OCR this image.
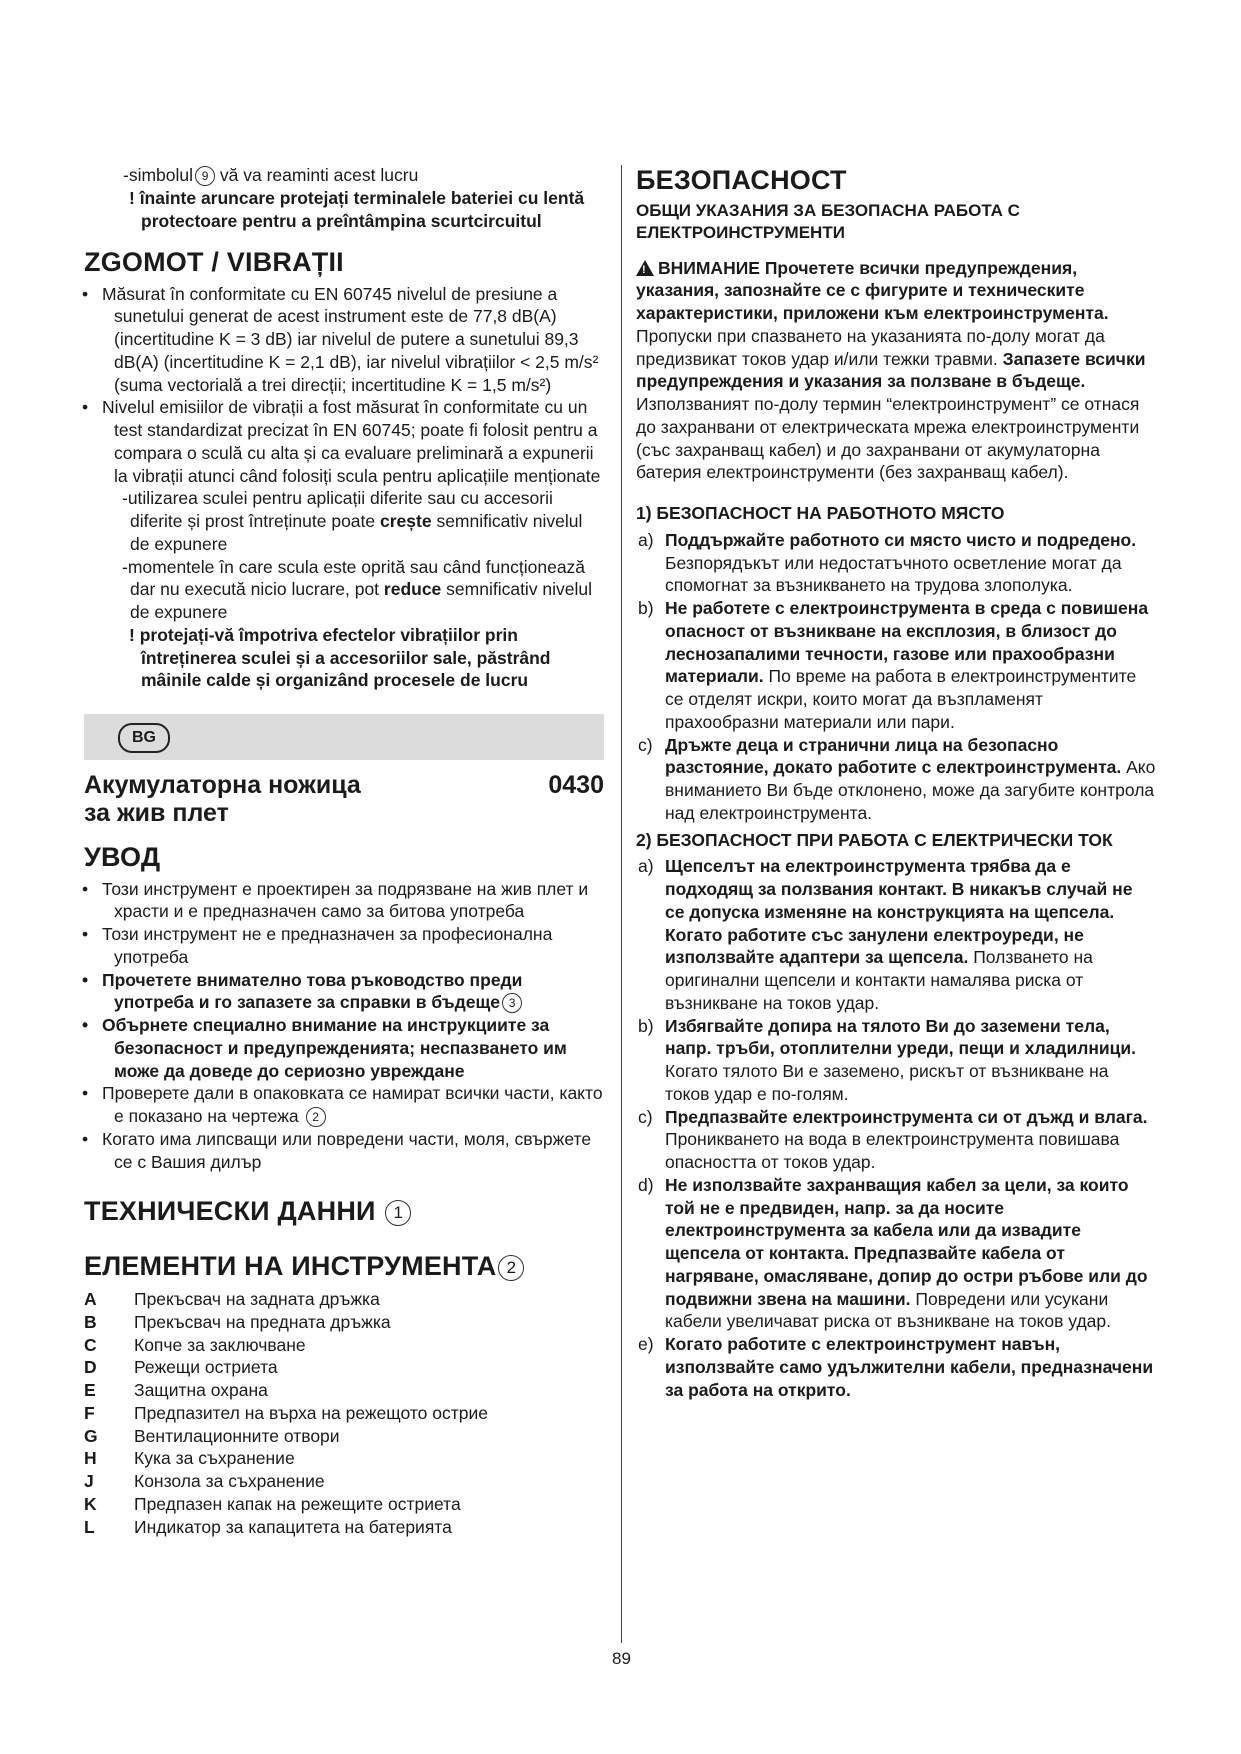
-simbolul 9 vă va reaminti acest lucru
! înainte aruncare protejați terminalele bateriei cu lentă protectoare pentru a preîntâmpina scurtcircuitul
ZGOMOT / VIBRAȚII
• Măsurat în conformitate cu EN 60745 nivelul de presiune a sunetului generat de acest instrument este de 77,8 dB(A) (incertitudine K = 3 dB) iar nivelul de putere a sunetului 89,3 dB(A) (incertitudine K = 2,1 dB), iar nivelul vibrațiilor < 2,5 m/s² (suma vectorială a trei direcții; incertitudine K = 1,5 m/s²)
• Nivelul emisiilor de vibrații a fost măsurat în conformitate cu un test standardizat precizat în EN 60745; poate fi folosit pentru a compara o sculă cu alta și ca evaluare preliminară a expunerii la vibrații atunci când folosiți scula pentru aplicațiile menționate
-utilizarea sculei pentru aplicații diferite sau cu accesorii diferite și prost întreținute poate crește semnificativ nivelul de expunere
-momentele în care scula este oprită sau când funcționează dar nu execută nicio lucrare, pot reduce semnificativ nivelul de expunere
! protejați-vă împotriva efectelor vibrațiilor prin întreținerea sculei și a accesoriilor sale, păstrând mâinile calde și organizând procesele de lucru
BG
Акумулаторна ножица
за жив плет
0430
УВОД
• Този инструмент е проектирен за подрязване на жив плет и храсти и е предназначен само за битова употреба
• Този инструмент не е предназначен за професионална употреба
• Прочетете внимателно това ръководство преди употреба и го запазете за справки в бъдеще 3
• Обърнете специално внимание на инструкциите за безопасност и предупрежденията; неспазването им може да доведе до сериозно увреждане
• Проверете дали в опаковката се намират всички части, както е показано на чертежа 2
• Когато има липсващи или повредени части, моля, свържете се с Вашия дилър
ТЕХНИЧЕСКИ ДАННИ 1
ЕЛЕМЕНТИ НА ИНСТРУМЕНТА 2
A	Прекъсвач на задната дръжка
B	Прекъсвач на предната дръжка
C	Копче за заключване
D	Режещи остриета
E	Защитна охрана
F	Предпазител на върха на режещото острие
G	Вентилационните отвори
H	Кука за съхранение
J	Конзола за съхранение
K	Предпазен капак на режещите остриета
L	Индикатор за капацитета на батерията
БЕЗОПАСНОСТ
ОБЩИ УКАЗАНИЯ ЗА БЕЗОПАСНА РАБОТА С ЕЛЕКТРОИНСТРУМЕНТИ

!ВНИМАНИЕ Прочетете всички предупреждения, указания, запознайте се с фигурите и техническите характеристики, приложени към електроинструмента. Пропуски при спазването на указанията по-долу могат да предизвикат токов удар и/или тежки травми. Запазете всички предупреждения и указания за ползване в бъдеще. Използваният по-долу термин “електроинструмент” се отнася до захранвани от електрическата мрежа електроинструменти (със захранващ кабел) и до захранвани от акумулаторна батерия електроинструменти (без захранващ кабел).

1) БЕЗОПАСНОСТ НА РАБОТНОТО МЯСТО
a) Поддържайте работното си място чисто и подредено. Безпорядъкът или недостатъчното осветление могат да спомогнат за възникването на трудова злополука.
b) Не работете с електроинструмента в среда с повишена опасност от възникване на експлозия, в близост до леснозапалими течности, газове или прахообразни материали. По време на работа в електроинструментите се отделят искри, които могат да възпламенят прахообразни материали или пари.
c) Дръжте деца и странични лица на безопасно разстояние, докато работите с електроинструмента. Ако вниманието Ви бъде отклонено, може да загубите контрола над електроинструмента.
2) БЕЗОПАСНОСТ ПРИ РАБОТА С ЕЛЕКТРИЧЕСКИ ТОК
a) Щепселът на електроинструмента трябва да е подходящ за ползвания контакт. В никакъв случай не се допуска изменяне на конструкцията на щепсела. Когато работите със занулени електроуреди, не използвайте адаптери за щепсела. Ползването на оригинални щепсели и контакти намалява риска от възникване на токов удар.
b) Избягвайте допира на тялото Ви до заземени тела, напр. тръби, отоплителни уреди, пещи и хладилници. Когато тялото Ви е заземено, рискът от възникване на токов удар е по-голям.
c) Предпазвайте електроинструмента си от дъжд и влага. Проникването на вода в електроинструмента повишава опасността от токов удар.
d) Не използвайте захранващия кабел за цели, за които той не е предвиден, напр. за да носите електроинструмента за кабела или да извадите щепсела от контакта. Предпазвайте кабела от нагряване, омасляване, допир до остри ръбове или до подвижни звена на машини. Повредени или усукани кабели увеличават риска от възникване на токов удар.
e) Когато работите с електроинструмент навън, използвайте само удължителни кабели, предназначени за работа на открито.
89
